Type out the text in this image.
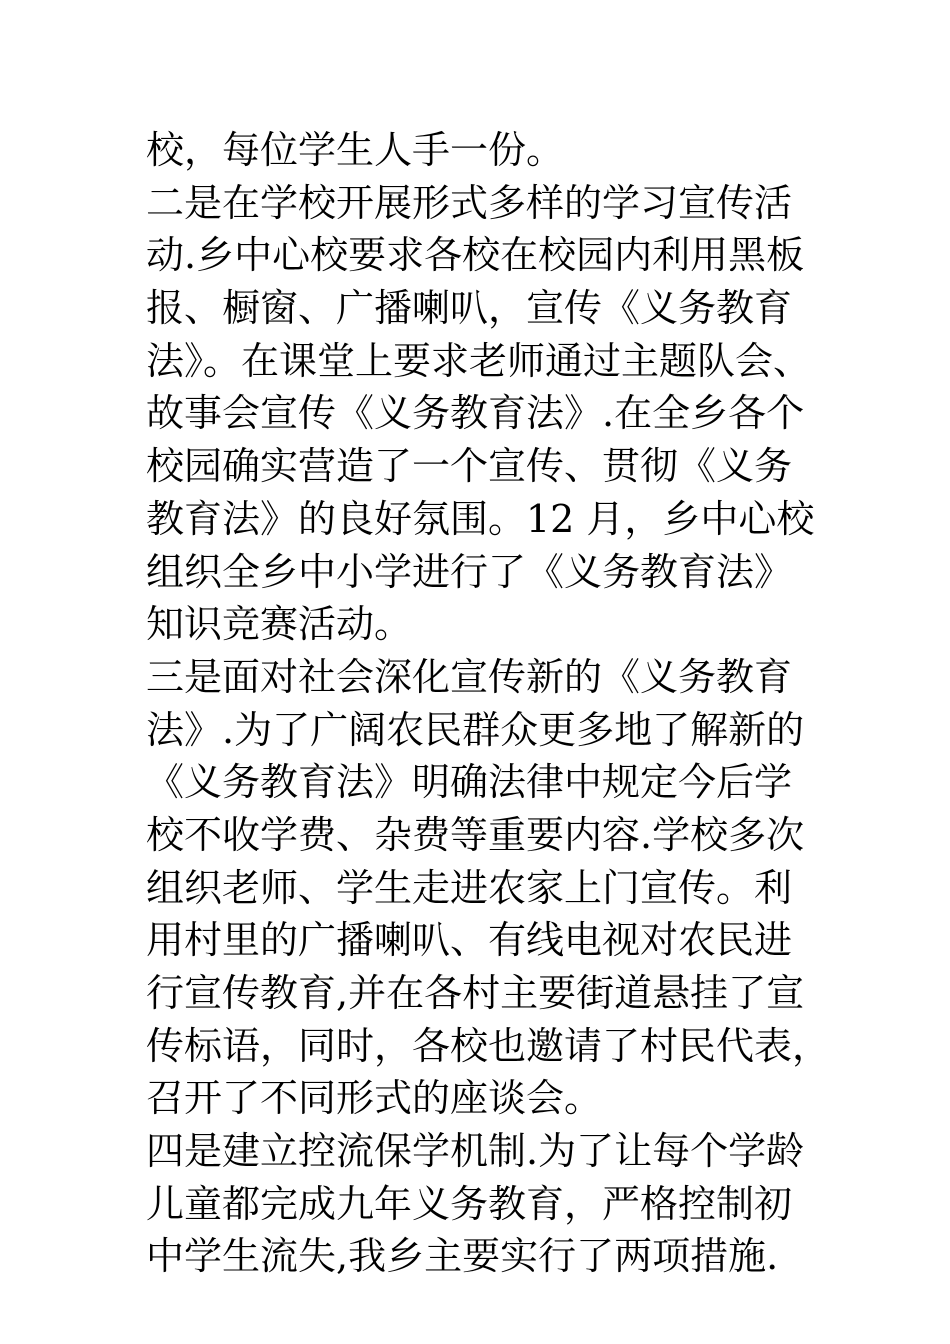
校，每位学生人手一份。
二是在学校开展形式多样的学习宣传活
动.乡中心校要求各校在校园内利用黑板
报、橱窗、广播喇叭，宣传《义务教育
法》。在课堂上要求老师通过主题队会、
故事会宣传《义务教育法》.在全乡各个
校园确实营造了一个宣传、贯彻《义务
教育法》的良好氛围。12 月，乡中心校
组织全乡中小学进行了《义务教育法》
知识竞赛活动。
三是面对社会深化宣传新的《义务教育
法》.为了广阔农民群众更多地了解新的
《义务教育法》明确法律中规定今后学
校不收学费、杂费等重要内容.学校多次
组织老师、学生走进农家上门宣传。利
用村里的广播喇叭、有线电视对农民进
行宣传教育,并在各村主要街道悬挂了宣
传标语，同时，各校也邀请了村民代表，
召开了不同形式的座谈会。
四是建立控流保学机制.为了让每个学龄
儿童都完成九年义务教育，严格控制初
中学生流失,我乡主要实行了两项措施.
